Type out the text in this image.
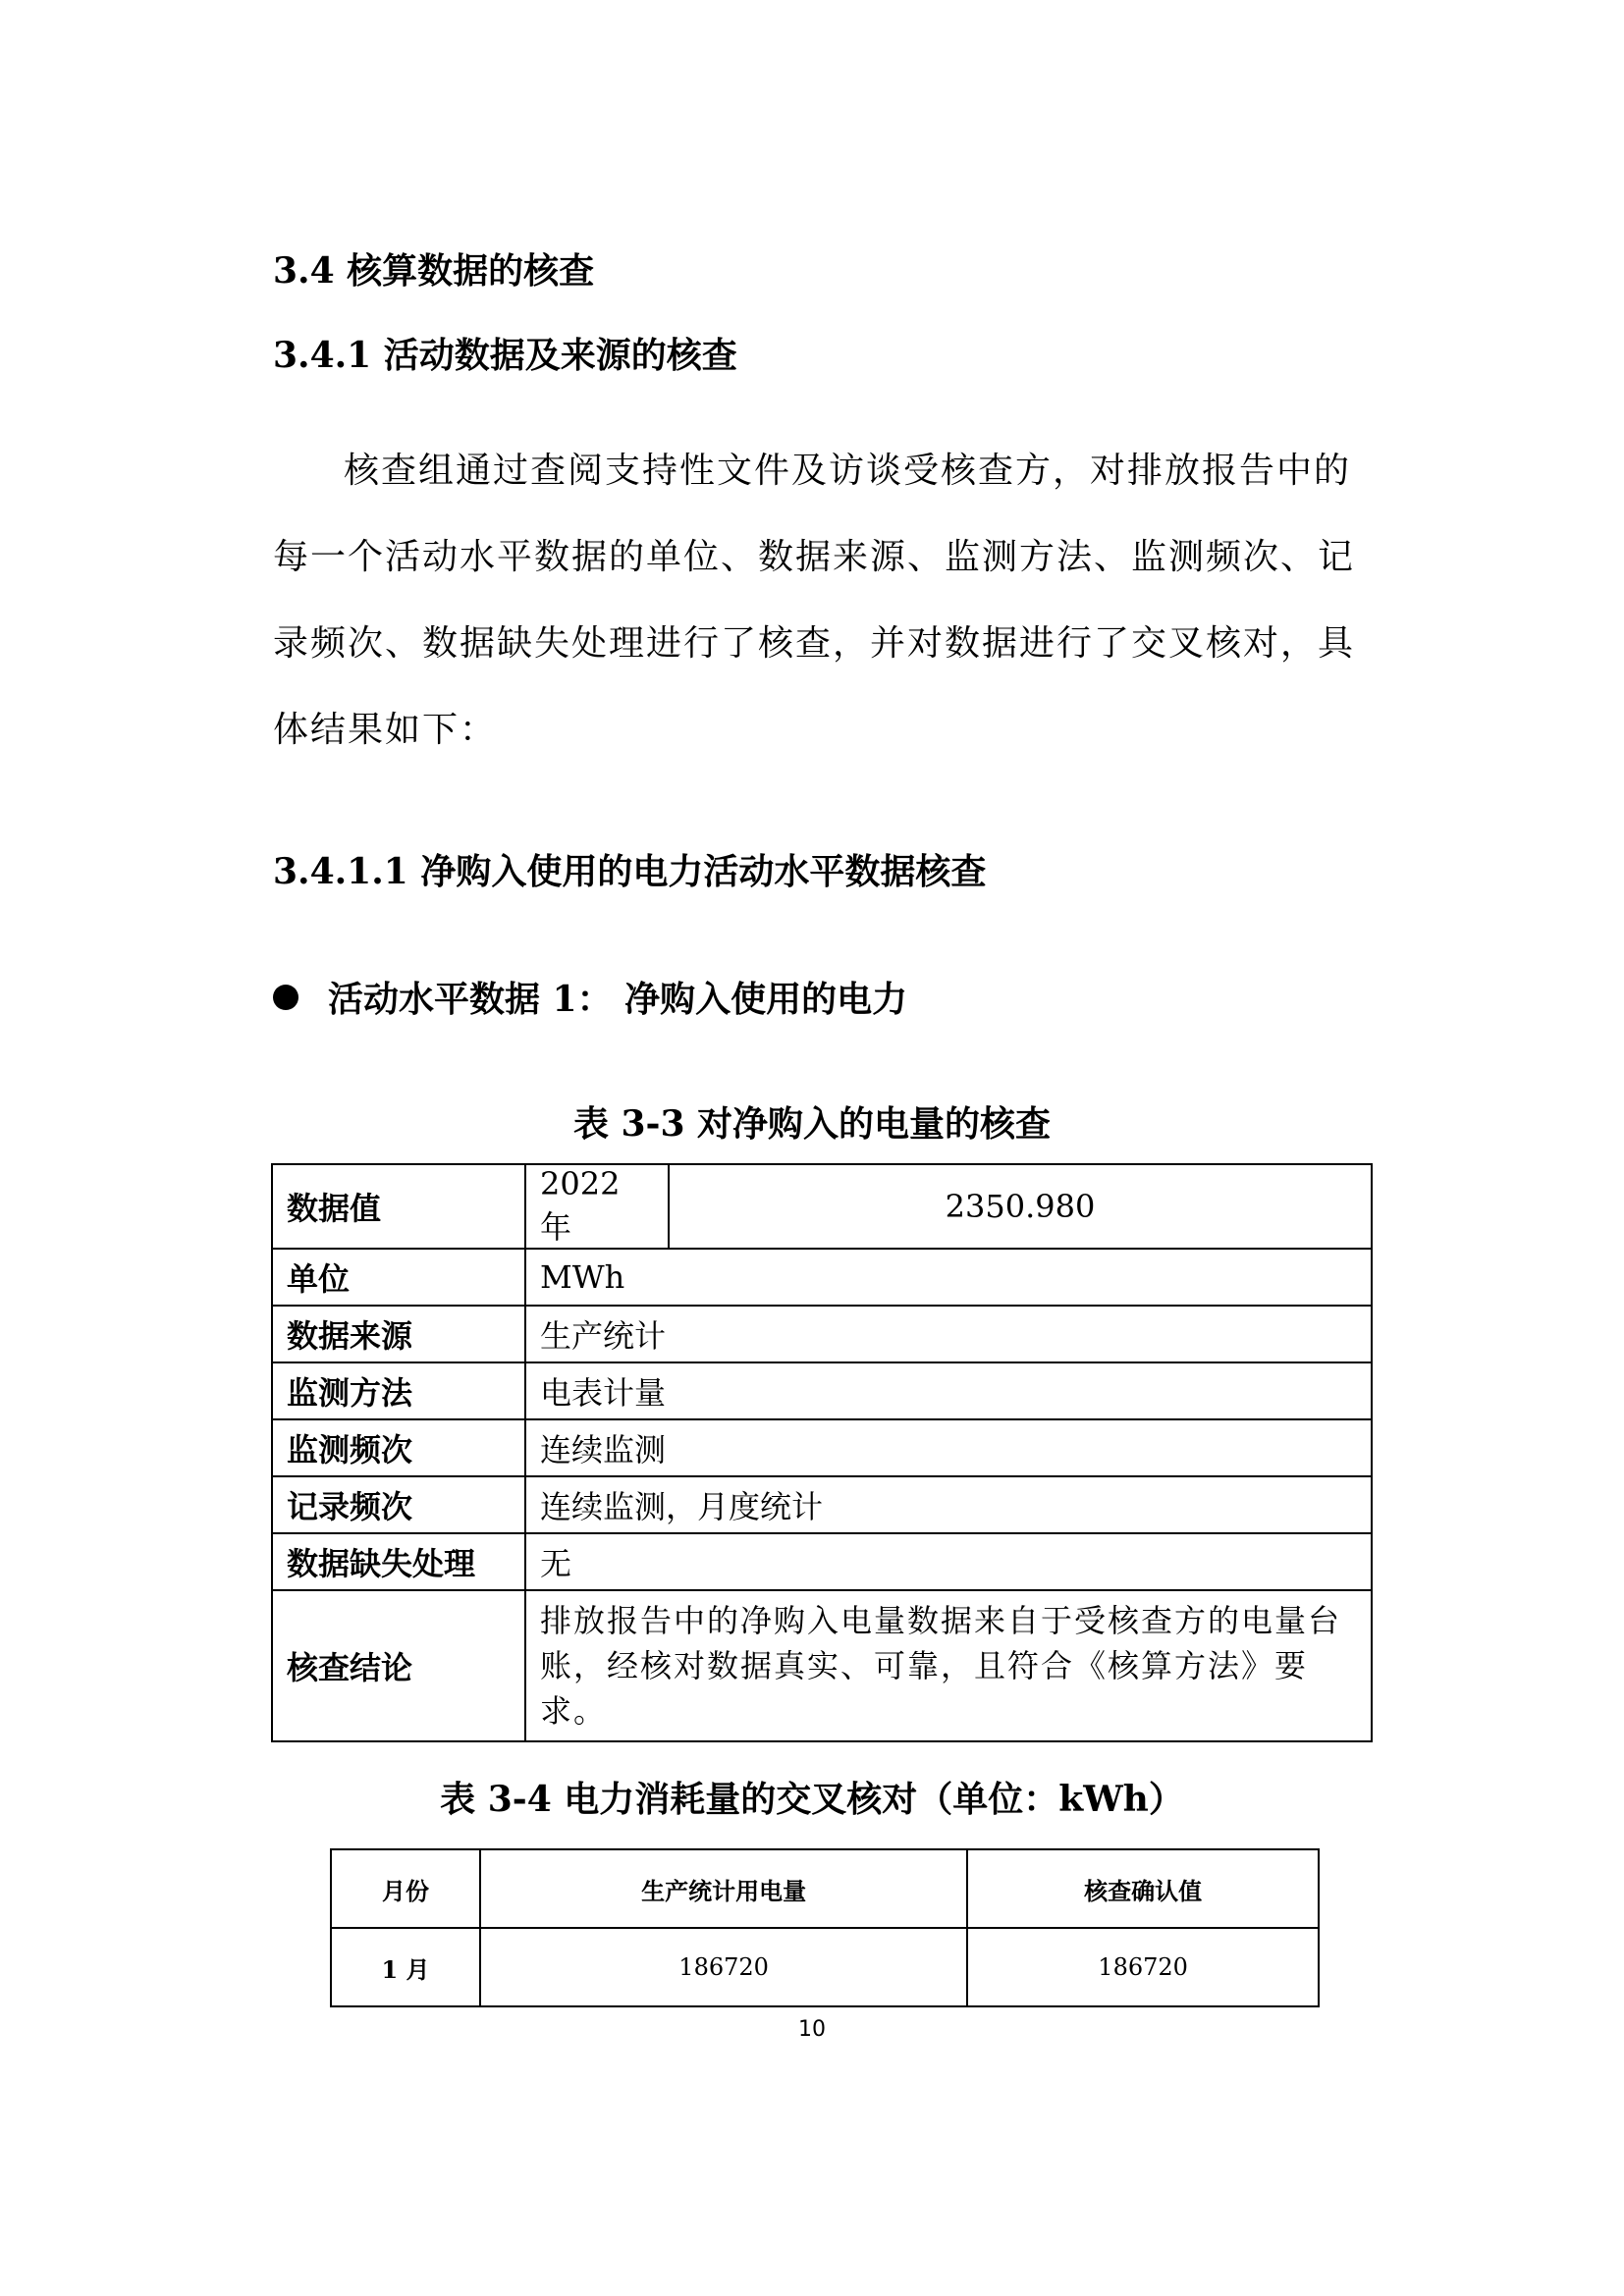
3.4 核算数据的核查
3.4.1 活动数据及来源的核查

核查组通过查阅支持性文件及访谈受核查方，对排放报告中的每一个活动水平数据的单位、数据来源、监测方法、监测频次、记录频次、数据缺失处理进行了核查，并对数据进行了交叉核对，具体结果如下：

3.4.1.1 净购入使用的电力活动水平数据核查
活动水平数据 1： 净购入使用的电力
表 3-3 对净购入的电量的核查
数据值	2022 年	2350.980
单位	MWh	
数据来源	生产统计	
监测方法	电表计量	
监测频次	连续监测	
记录频次	连续监测，月度统计	
数据缺失处理	无	
核查结论	排放报告中的净购入电量数据来自于受核查方的电量台账，经核对数据真实、可靠，且符合《核算方法》要求。	
表 3-4 电力消耗量的交叉核对（单位：kWh）
月份	生产统计用电量	核查确认值
1 月	186720	186720
10
